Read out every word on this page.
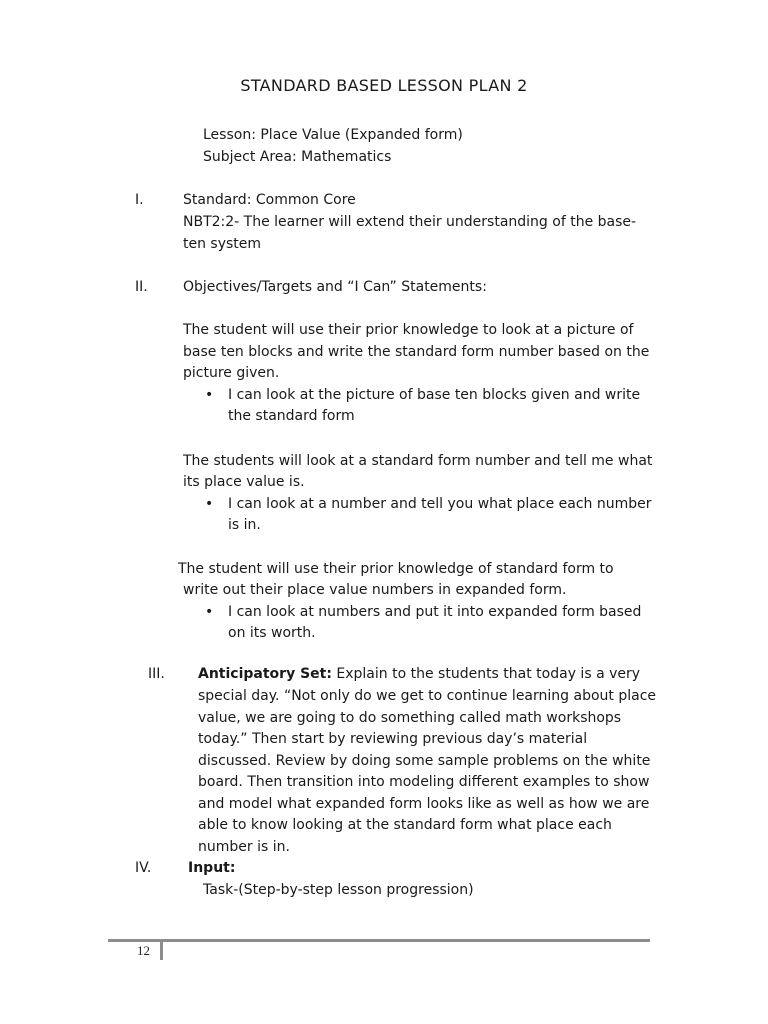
STANDARD BASED LESSON PLAN 2
Lesson: Place Value (Expanded form)
Subject Area: Mathematics
I.	Standard: Common Core
NBT2:2- The learner will extend their understanding of the base-
ten system
II.	Objectives/Targets and “I Can” Statements:
The student will use their prior knowledge to look at a picture of
base ten blocks and write the standard form number based on the
picture given.
• I can look at the picture of base ten blocks given and write
the standard form
The students will look at a standard form number and tell me what
its place value is.
• I can look at a number and tell you what place each number
is in.
The student will use their prior knowledge of standard form to
write out their place value numbers in expanded form.
• I can look at numbers and put it into expanded form based
on its worth.
III. Anticipatory Set: Explain to the students that today is a very
special day. “Not only do we get to continue learning about place
value, we are going to do something called math workshops
today.” Then start by reviewing previous day’s material
discussed. Review by doing some sample problems on the white
board. Then transition into modeling different examples to show
and model what expanded form looks like as well as how we are
able to know looking at the standard form what place each
number is in.
IV.	Input:
Task-(Step-by-step lesson progression)
12
